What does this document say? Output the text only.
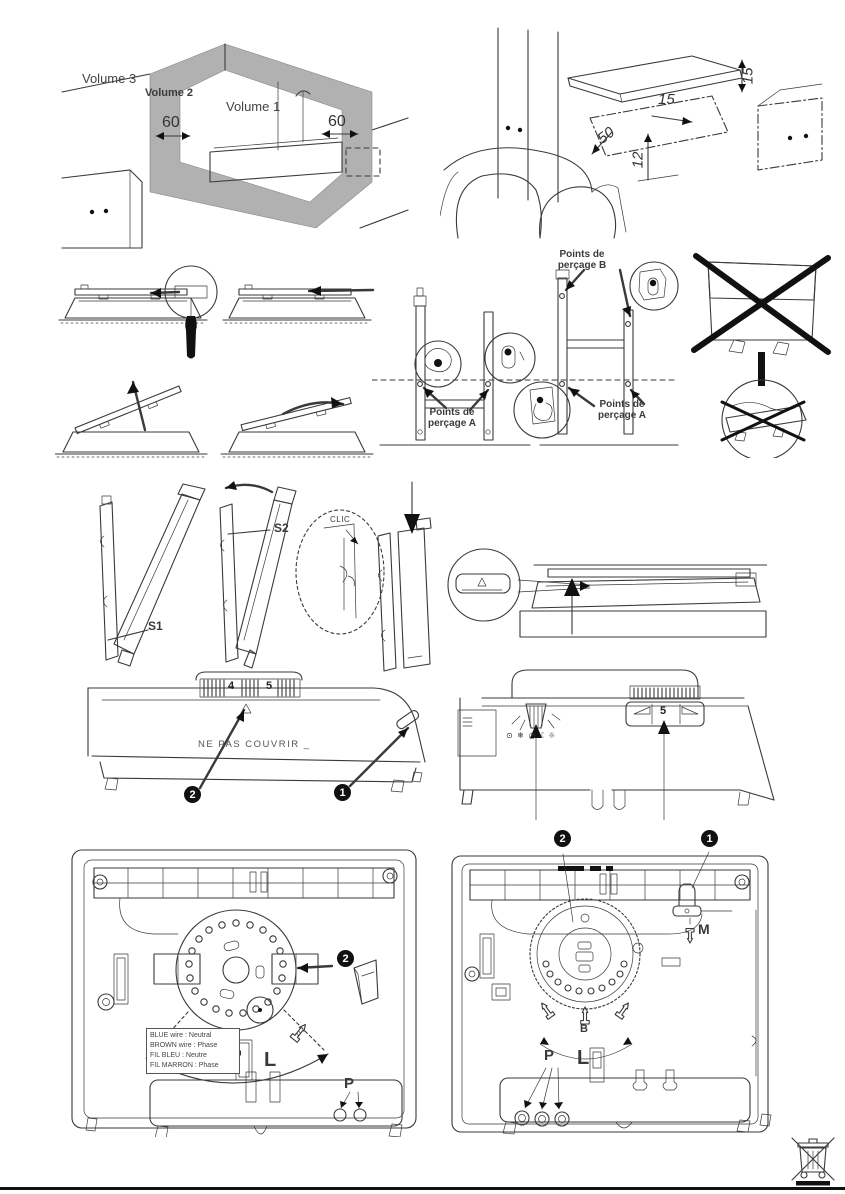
Volume 3
Volume 2
Volume 1
60	60
15
15
50
12
Points de perçage B
Points de perçage A
Points de perçage A
S1
S2
CLIC
4	5
NE PAS COUVRIR _
2	1
⊙ ❄ ◷ ☾☼
5
2
L
P
BLUE wire : Neutral
BROWN wire : Phase
FIL BLEU : Neutre
FIL MARRON : Phase
2	1
M
B
L
P
